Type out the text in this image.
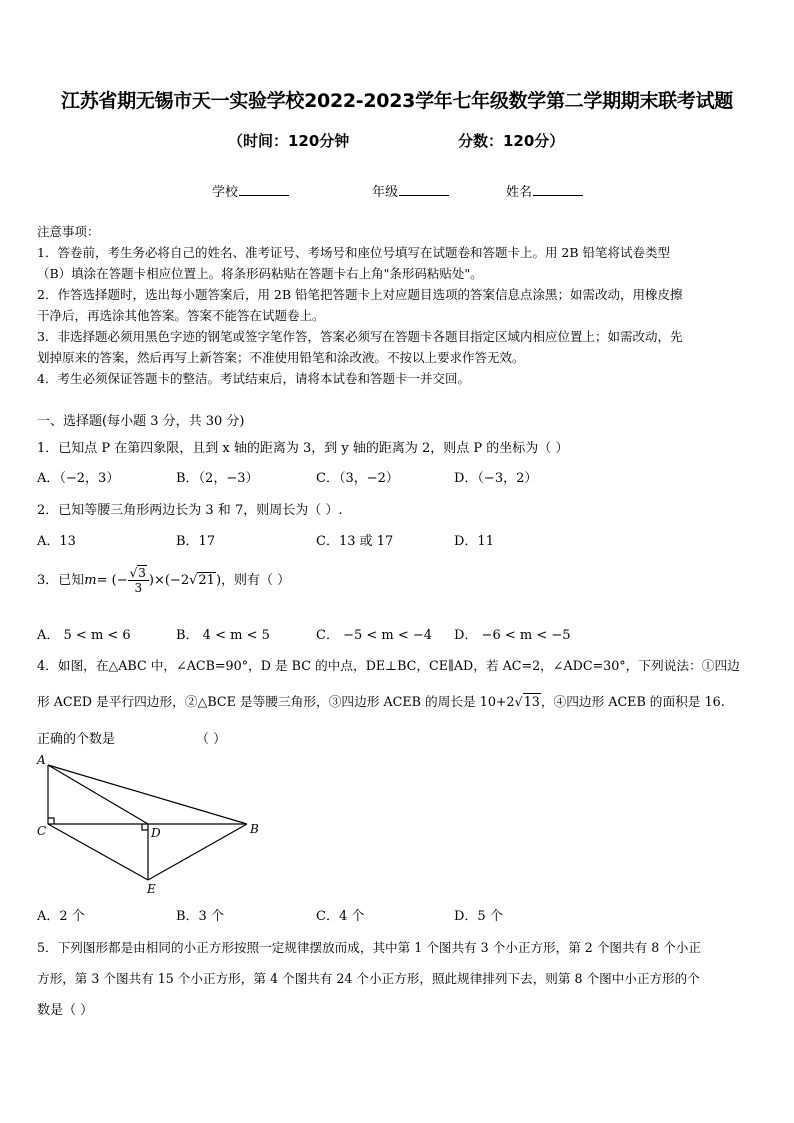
江苏省期无锡市天一实验学校2022-2023学年七年级数学第二学期期末联考试题
（时间：120分钟	分数：120分）
学校	年级	姓名
注意事项：
1．答卷前，考生务必将自己的姓名、准考证号、考场号和座位号填写在试题卷和答题卡上。用 2B 铅笔将试卷类型
（B）填涂在答题卡相应位置上。将条形码粘贴在答题卡右上角"条形码粘贴处"。
2．作答选择题时，选出每小题答案后，用 2B 铅笔把答题卡上对应题目选项的答案信息点涂黑；如需改动，用橡皮擦
干净后，再选涂其他答案。答案不能答在试题卷上。
3．非选择题必须用黑色字迹的钢笔或签字笔作答，答案必须写在答题卡各题目指定区域内相应位置上；如需改动，先
划掉原来的答案，然后再写上新答案；不准使用铅笔和涂改液。不按以上要求作答无效。
4．考生必须保证答题卡的整洁。考试结束后，请将本试卷和答题卡一并交回。
一、选择题(每小题 3 分，共 30 分)
1．已知点 P 在第四象限，且到 x 轴的距离为 3，到 y 轴的距离为 2，则点 P 的坐标为（ ）
A．（−2，3）	B．（2，−3）	C．（3，−2）	D．（−3，2）
2．已知等腰三角形两边长为 3 和 7，则周长为（ ）.
A．13	B．17	C．13 或 17	D．11
3．已知m= (− $\frac{√3}{3} )\times(-2√21)$，则有（ ）
A． 5 < m < 6	B． 4 < m < 5	C． −5 < m < −4 D． −6 < m < −5
4．如图，在△ABC 中，∠ACB=90°，D 是 BC 的中点，DE⊥BC，CE∥AD，若 AC=2，∠ADC=30°，下列说法：①四边
形 ACED 是平行四边形，②△BCE 是等腰三角形，③四边形 ACEB 的周长是 10+2√13，④四边形 ACEB 的面积是 16.
正确的个数是	（ ）
A
C	D	B
E
A．2 个	B．3 个	C．4 个	D．5 个
5．下列图形都是由相同的小正方形按照一定规律摆放而成，其中第 1 个图共有 3 个小正方形，第 2 个图共有 8 个小正
方形，第 3 个图共有 15 个小正方形，第 4 个图共有 24 个小正方形，照此规律排列下去，则第 8 个图中小正方形的个
数是（ ）
